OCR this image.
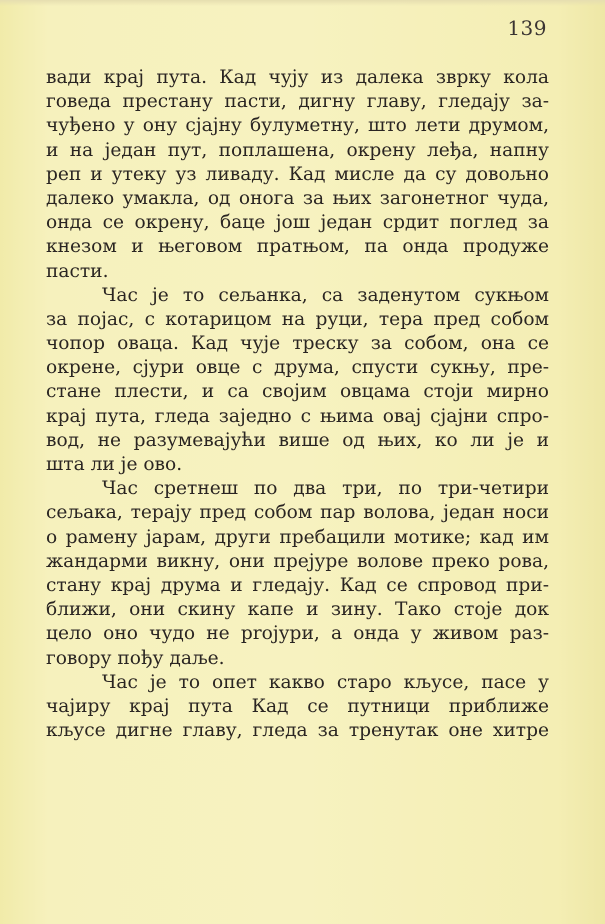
139
вади крај пута. Кад чују из далека зврку кола
говеда престану пасти, дигну главу, гледају за-
чуђено у ону сјајну булуметну, што лети друмом,
и на један пут, поплашена, окрену леђа, напну
реп и утеку уз ливаду. Кад мисле да су довољно
далеко умакла, од онога за њих загонетног чуда,
онда се окрену, баце још један срдит поглед за
кнезом и његовом пратњом, па онда продуже
пасти.
Час је то сељанка, са заденутом сукњом
за појас, с котарицом на руци, тера пред собом
чопор оваца. Кад чује треску за собом, она се
окрене, сјури овце с друма, спусти сукњу, пре-
стане плести, и са својим овцама стоји мирно
крај пута, гледа заједно с њима овај сјајни спро-
вод, не разумевајући више од њих, ко ли је и
шта ли је ово.
Час сретнеш по два три, по три-четири
сељака, терају пред собом пар волова, један носи
о рамену јарам, други пребацили мотике; кад им
жандарми викну, они прејуре волове преко рова,
стану крај друма и гледају. Кад се спровод при-
ближи, они скину капе и зину. Тако стоје док
цело оно чудо не projури, а онда у живом раз-
говору пођу даље.
Час је то опет какво старо кљусе, пасе у
чајиру крај пута Кад се путници приближе
кљусе дигне главу, гледа за тренутак оне хитре
